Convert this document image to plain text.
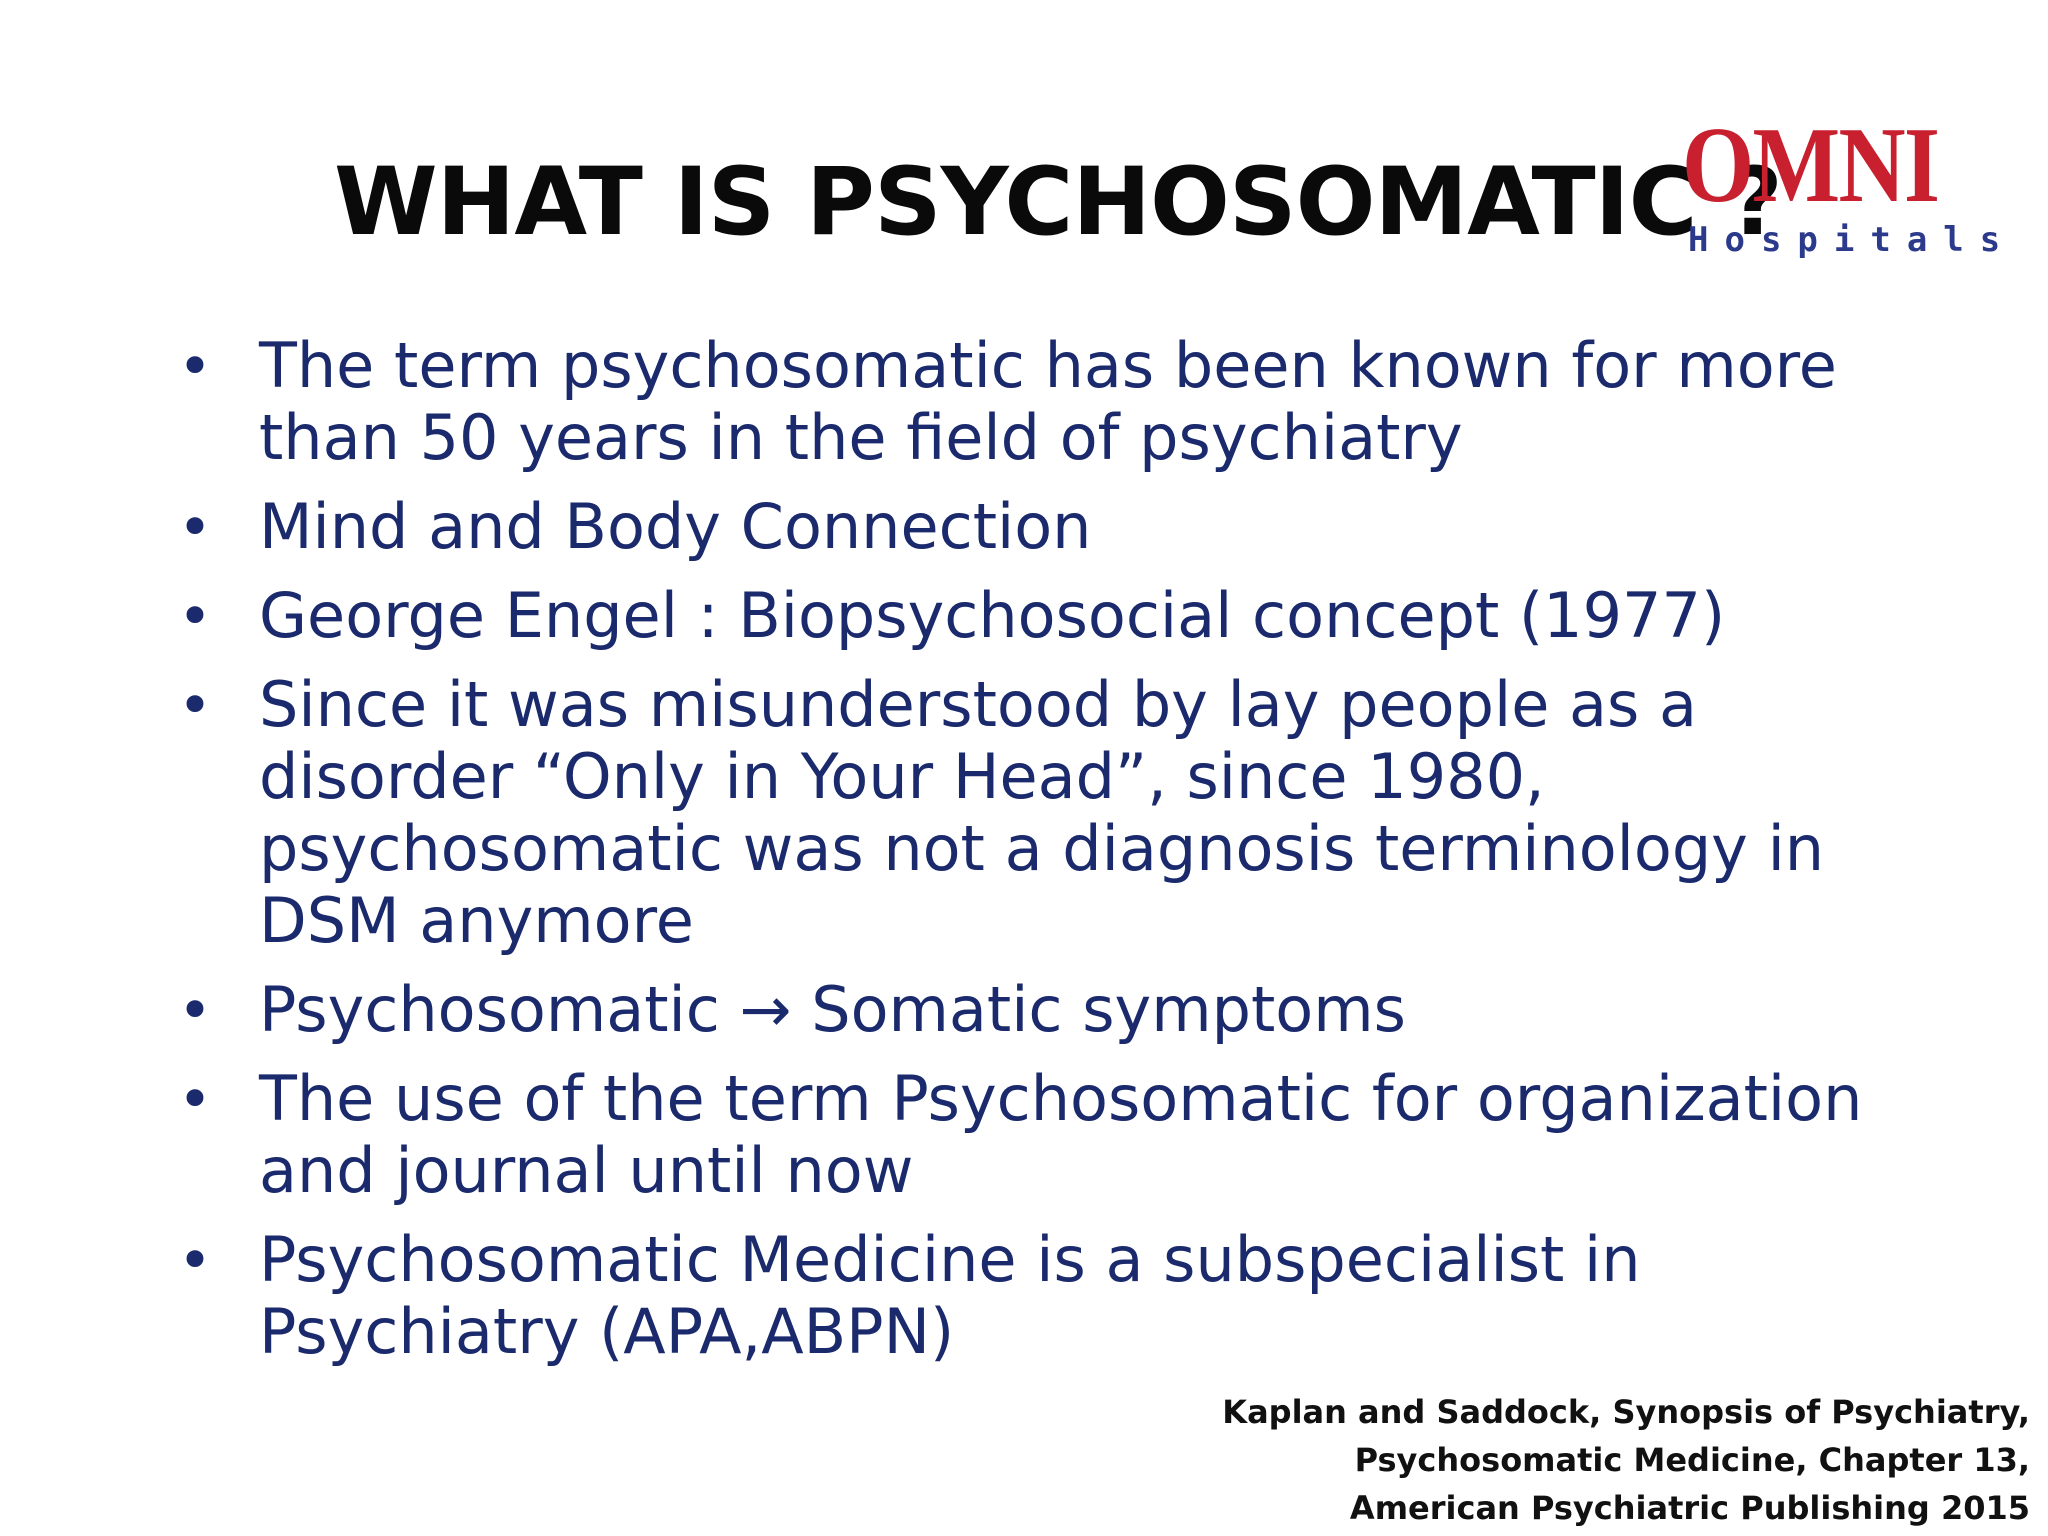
WHAT IS PSYCHOSOMATIC ?
OMNI
Hospitals
• The term psychosomatic has been known for more than 50 years in the field of psychiatry
• Mind and Body Connection
• George Engel : Biopsychosocial concept (1977)
• Since it was misunderstood by lay people as a disorder “Only in Your Head”, since 1980, psychosomatic was not a diagnosis terminology in DSM anymore
• Psychosomatic → Somatic symptoms
• The use of the term Psychosomatic for organization and journal until now
• Psychosomatic Medicine is a subspecialist in Psychiatry (APA,ABPN)
Kaplan and Saddock, Synopsis of Psychiatry,
Psychosomatic Medicine, Chapter 13,
American Psychiatric Publishing 2015
